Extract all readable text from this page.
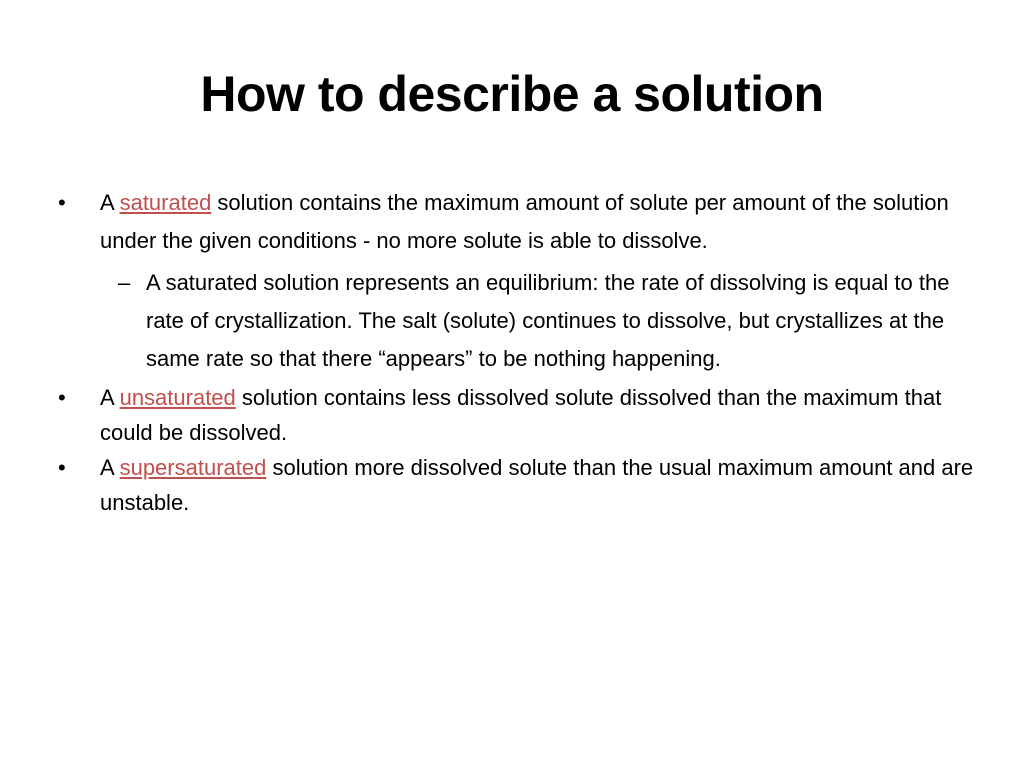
How to describe a solution
•	A saturated solution contains the maximum amount of solute per amount of the solution under the given conditions - no more solute is able to dissolve.
– A saturated solution represents an equilibrium: the rate of dissolving is equal to the rate of crystallization. The salt (solute) continues to dissolve, but crystallizes at the same rate so that there “appears” to be nothing happening.
•	A unsaturated solution contains less dissolved solute dissolved than the maximum that could be dissolved.
•	A supersaturated solution more dissolved solute than the usual maximum amount and are unstable.
